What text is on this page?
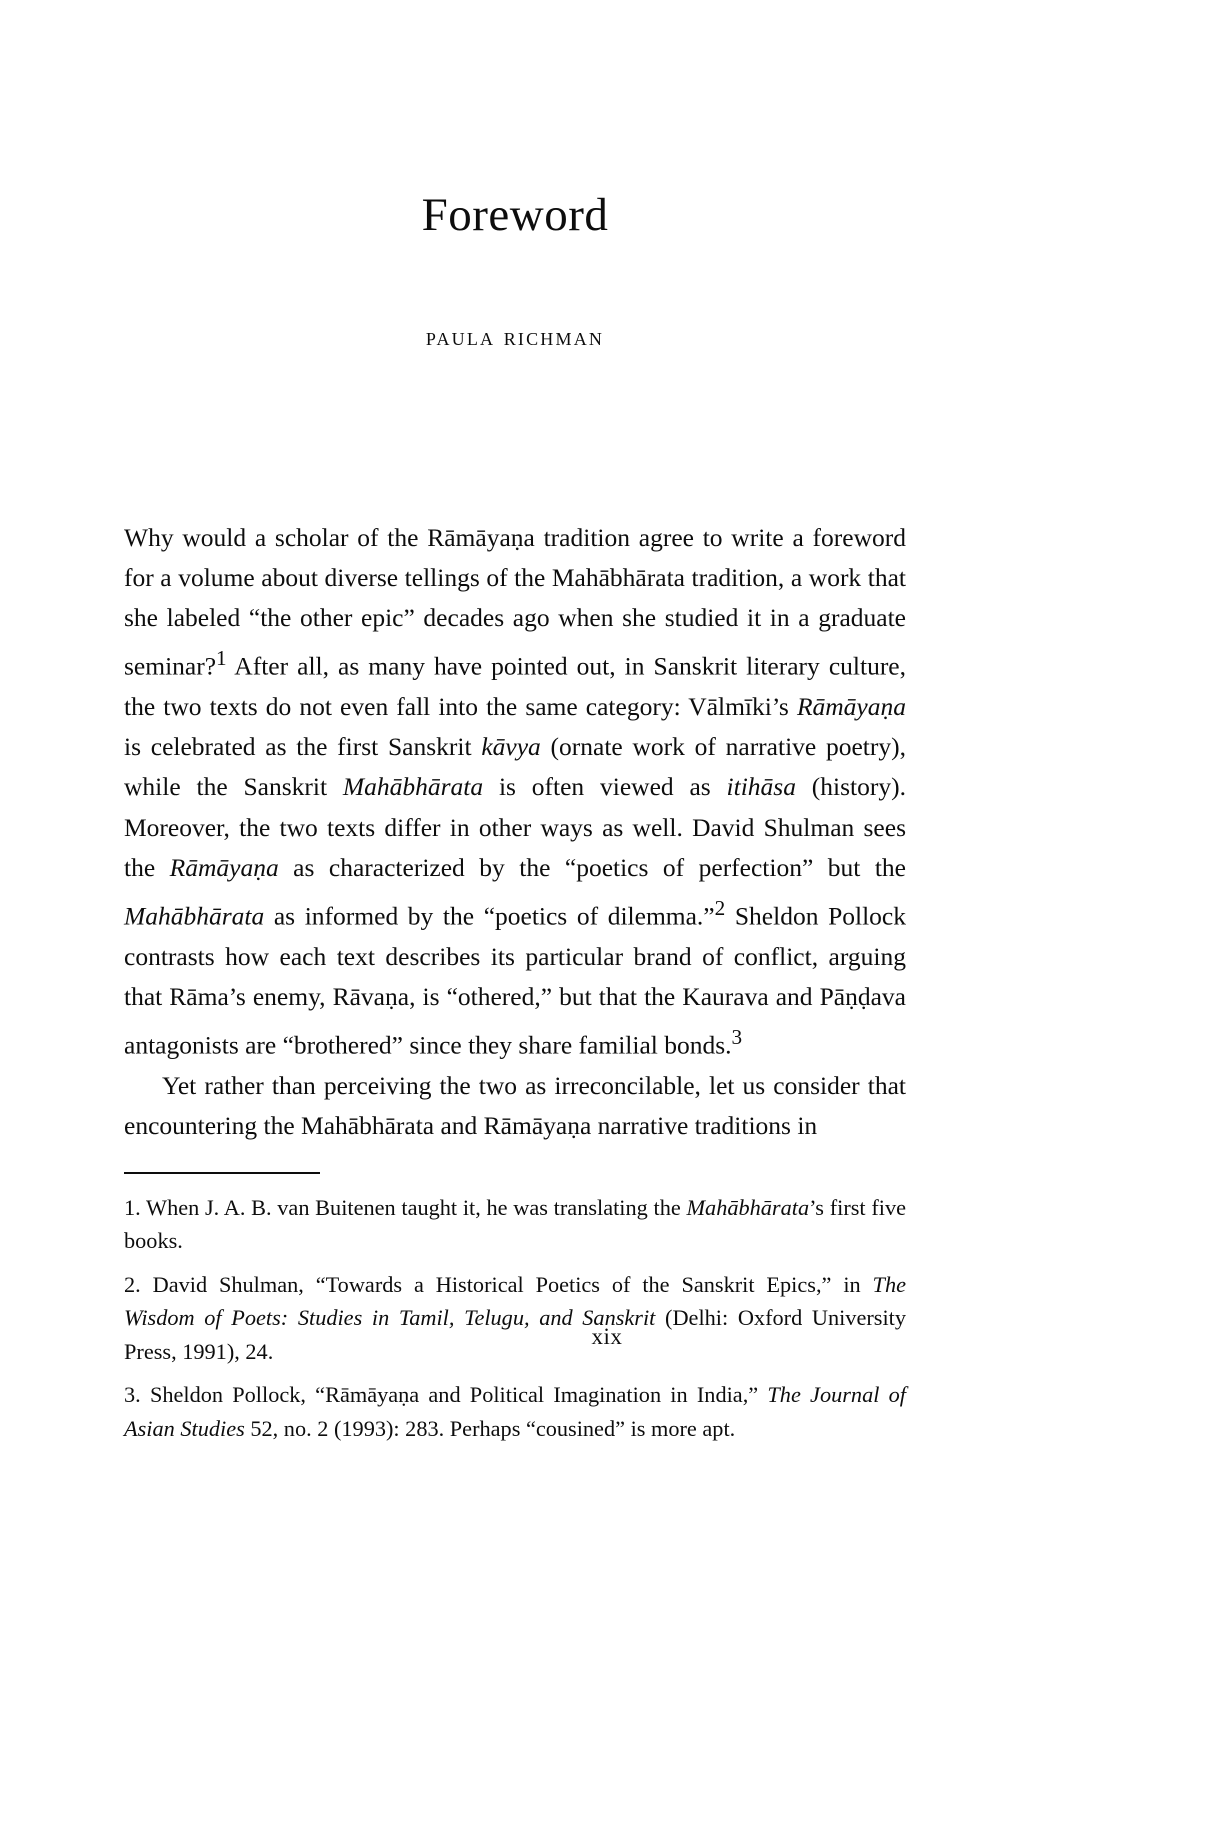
Foreword
paula richman

Why would a scholar of the Rāmāyaṇa tradition agree to write a foreword for a volume about diverse tellings of the Mahābhārata tradition, a work that she labeled “the other epic” decades ago when she studied it in a graduate seminar?$^1$ After all, as many have pointed out, in Sanskrit literary culture, the two texts do not even fall into the same category: Vālmīki’s Rāmāyaṇa is celebrated as the first Sanskrit kāvya (ornate work of narrative poetry), while the Sanskrit Mahābhārata is often viewed as itihāsa (history). Moreover, the two texts differ in other ways as well. David Shulman sees the Rāmāyaṇa as characterized by the “poetics of perfection” but the Mahābhārata as informed by the “poetics of dilemma.”$^2$ Sheldon Pollock contrasts how each text describes its particular brand of conflict, arguing that Rāma’s enemy, Rāvaṇa, is “othered,” but that the Kaurava and Pāṇḍava antagonists are “brothered” since they share familial bonds.$^3$

Yet rather than perceiving the two as irreconcilable, let us consider that encountering the Mahābhārata and Rāmāyaṇa narrative traditions in

1. When J. A. B. van Buitenen taught it, he was translating the Mahābhārata’s first five books.

2. David Shulman, “Towards a Historical Poetics of the Sanskrit Epics,” in The Wisdom of Poets: Studies in Tamil, Telugu, and Sanskrit (Delhi: Oxford University Press, 1991), 24.

3. Sheldon Pollock, “Rāmāyaṇa and Political Imagination in India,” The Journal of Asian Studies 52, no. 2 (1993): 283. Perhaps “cousined” is more apt.

xix
